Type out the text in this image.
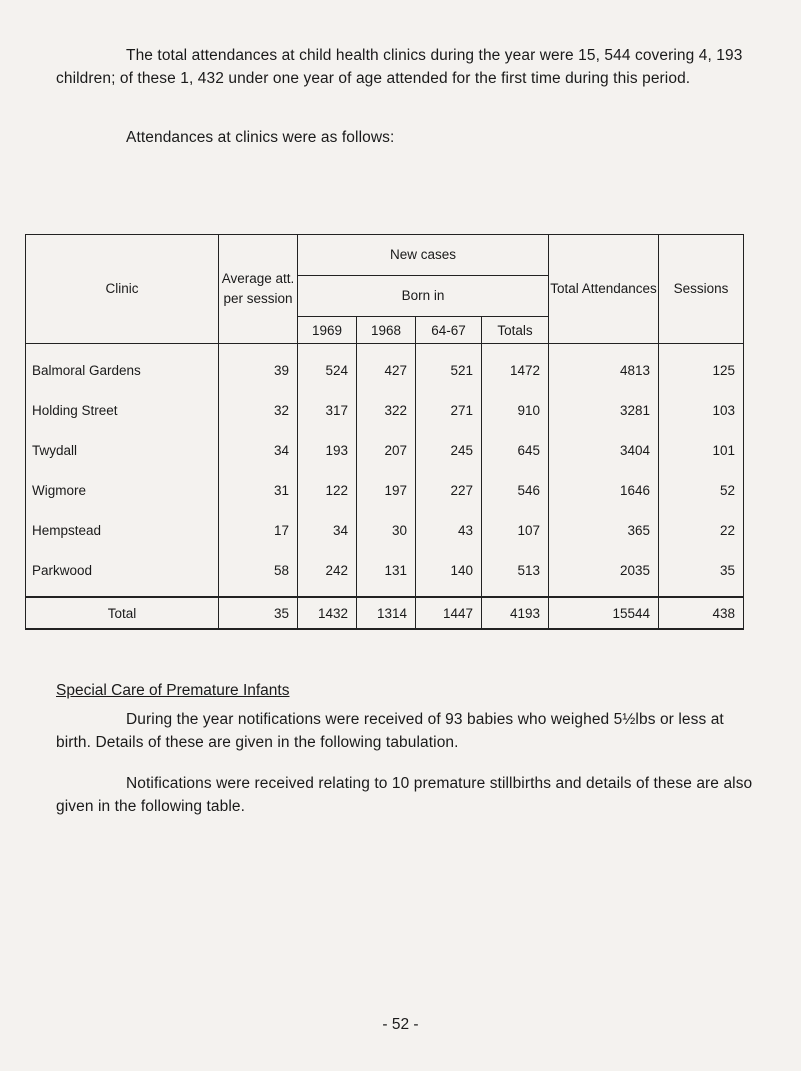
The total attendances at child health clinics during the year were 15, 544 covering 4, 193 children; of these 1, 432 under one year of age attended for the first time during this period.

Attendances at clinics were as follows:

Clinic	Average att. per session	New cases				Total Attendances	Sessions
		Born in					
		1969	1968	64-67	Totals		
Balmoral Gardens	39	524	427	521	1472	4813	125
Holding Street	32	317	322	271	910	3281	103
Twydall	34	193	207	245	645	3404	101
Wigmore	31	122	197	227	546	1646	52
Hempstead	17	34	30	43	107	365	22
Parkwood	58	242	131	140	513	2035	35
Total	35	1432	1314	1447	4193	15544	438
Special Care of Premature Infants

During the year notifications were received of 93 babies who weighed 5½lbs or less at birth. Details of these are given in the following tabulation.

Notifications were received relating to 10 premature stillbirths and details of these are also given in the following table.

- 52 -
